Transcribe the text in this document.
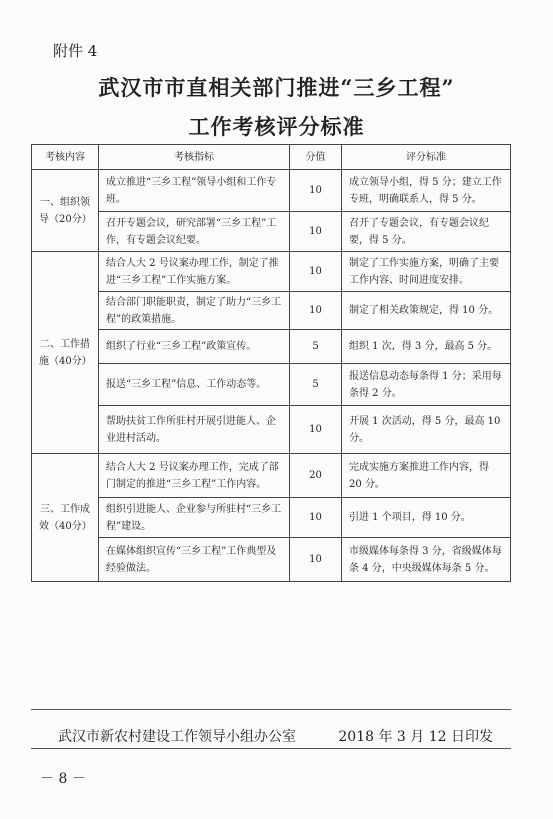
附件 4
武汉市市直相关部门推进“三乡工程”
工作考核评分标准
考核内容	考核指标	分值	评分标准
一、组织领导（20分）	成立推进“三乡工程”领导小组和工作专班。	10	成立领导小组，得 5 分；建立工作专班，明确联系人，得 5 分。
	召开专题会议，研究部署“三乡工程”工作，有专题会议纪要。	10	召开了专题会议，有专题会议纪要，得 5 分。
二、工作措施（40分）	结合人大 2 号议案办理工作，制定了推进“三乡工程”工作实施方案。	10	制定了工作实施方案，明确了主要工作内容、时间进度安排。
	结合部门职能职责，制定了助力“三乡工程”的政策措施。	10	制定了相关政策规定，得 10 分。
	组织了行业“三乡工程”政策宣传。	5	组织 1 次，得 3 分，最高 5 分。
	报送“三乡工程”信息、工作动态等。	5	报送信息动态每条得 1 分；采用每条得 2 分。
	帮助扶贫工作所驻村开展引进能人、企业进村活动。	10	开展 1 次活动，得 5 分，最高 10 分。
三、工作成效（40分）	结合人大 2 号议案办理工作，完成了部门制定的推进“三乡工程”工作内容。	20	完成实施方案推进工作内容，得 20 分。
	组织引进能人、企业参与所驻村“三乡工程”建设。	10	引进 1 个项目，得 10 分。
	在媒体组织宣传“三乡工程”工作典型及经验做法。	10	市级媒体每条得 3 分，省级媒体每条 4 分，中央级媒体每条 5 分。
武汉市新农村建设工作领导小组办公室	2018 年 3 月 12 日印发
－ 8 －
